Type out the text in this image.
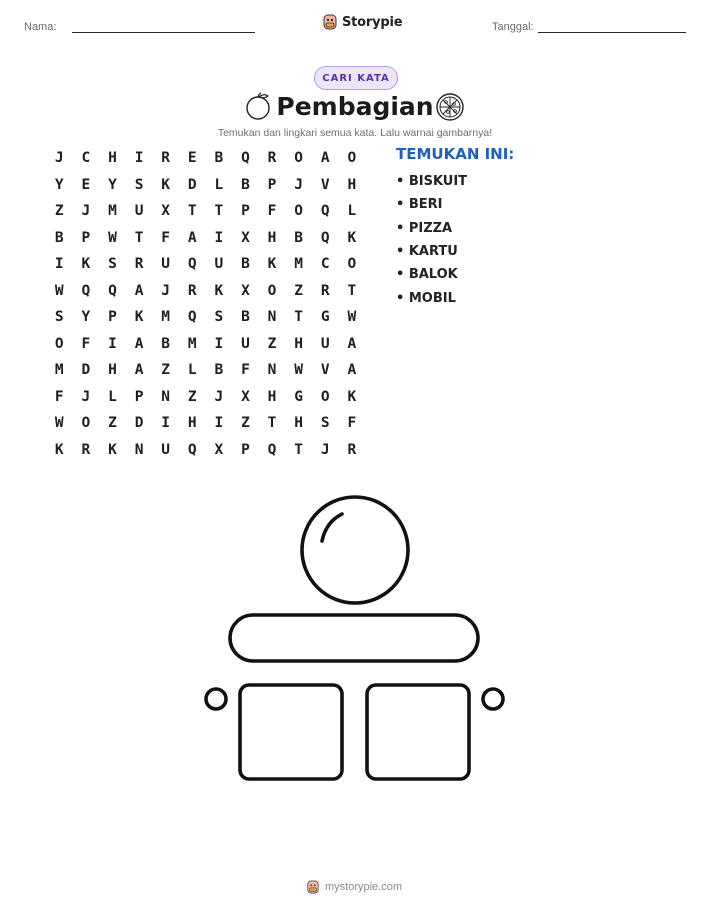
Nama:	Storypie	Tanggal:
CARI KATA
Pembagian
Temukan dan lingkari semua kata. Lalu warnai gambarnya!
J	C	H	I	R	E	B	Q	R	O	A	O
Y	E	Y	S	K	D	L	B	P	J	V	H
Z	J	M	U	X	T	T	P	F	O	Q	L
B	P	W	T	F	A	I	X	H	B	Q	K
I	K	S	R	U	Q	U	B	K	M	C	O
W	Q	Q	A	J	R	K	X	O	Z	R	T
S	Y	P	K	M	Q	S	B	N	T	G	W
O	F	I	A	B	M	I	U	Z	H	U	A
M	D	H	A	Z	L	B	F	N	W	V	A
F	J	L	P	N	Z	J	X	H	G	O	K
W	O	Z	D	I	H	I	Z	T	H	S	F
K	R	K	N	U	Q	X	P	Q	T	J	R
TEMUKAN INI:
• BISKUIT
• BERI
• PIZZA
• KARTU
• BALOK
• MOBIL
mystorypie.com
